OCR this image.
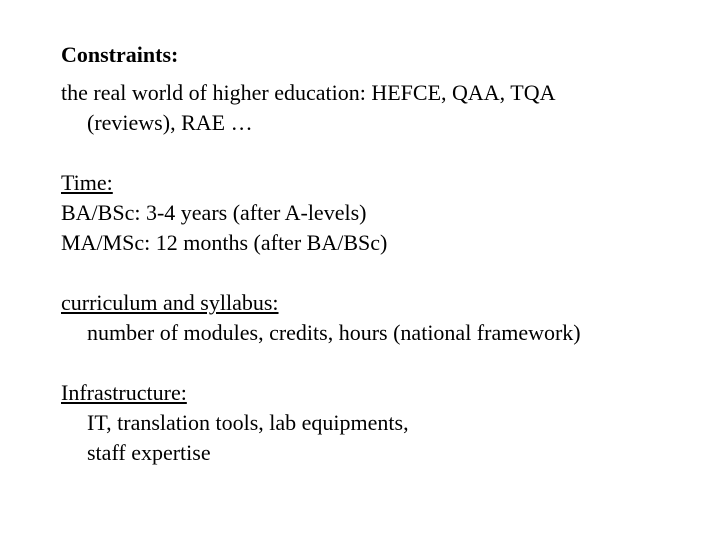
Constraints:
the real world of higher education: HEFCE, QAA, TQA
(reviews), RAE …
Time:
BA/BSc: 3-4 years (after A-levels)
MA/MSc: 12 months (after BA/BSc)
curriculum and syllabus:
number of modules, credits, hours (national framework)
Infrastructure:
IT, translation tools, lab equipments,
staff expertise
